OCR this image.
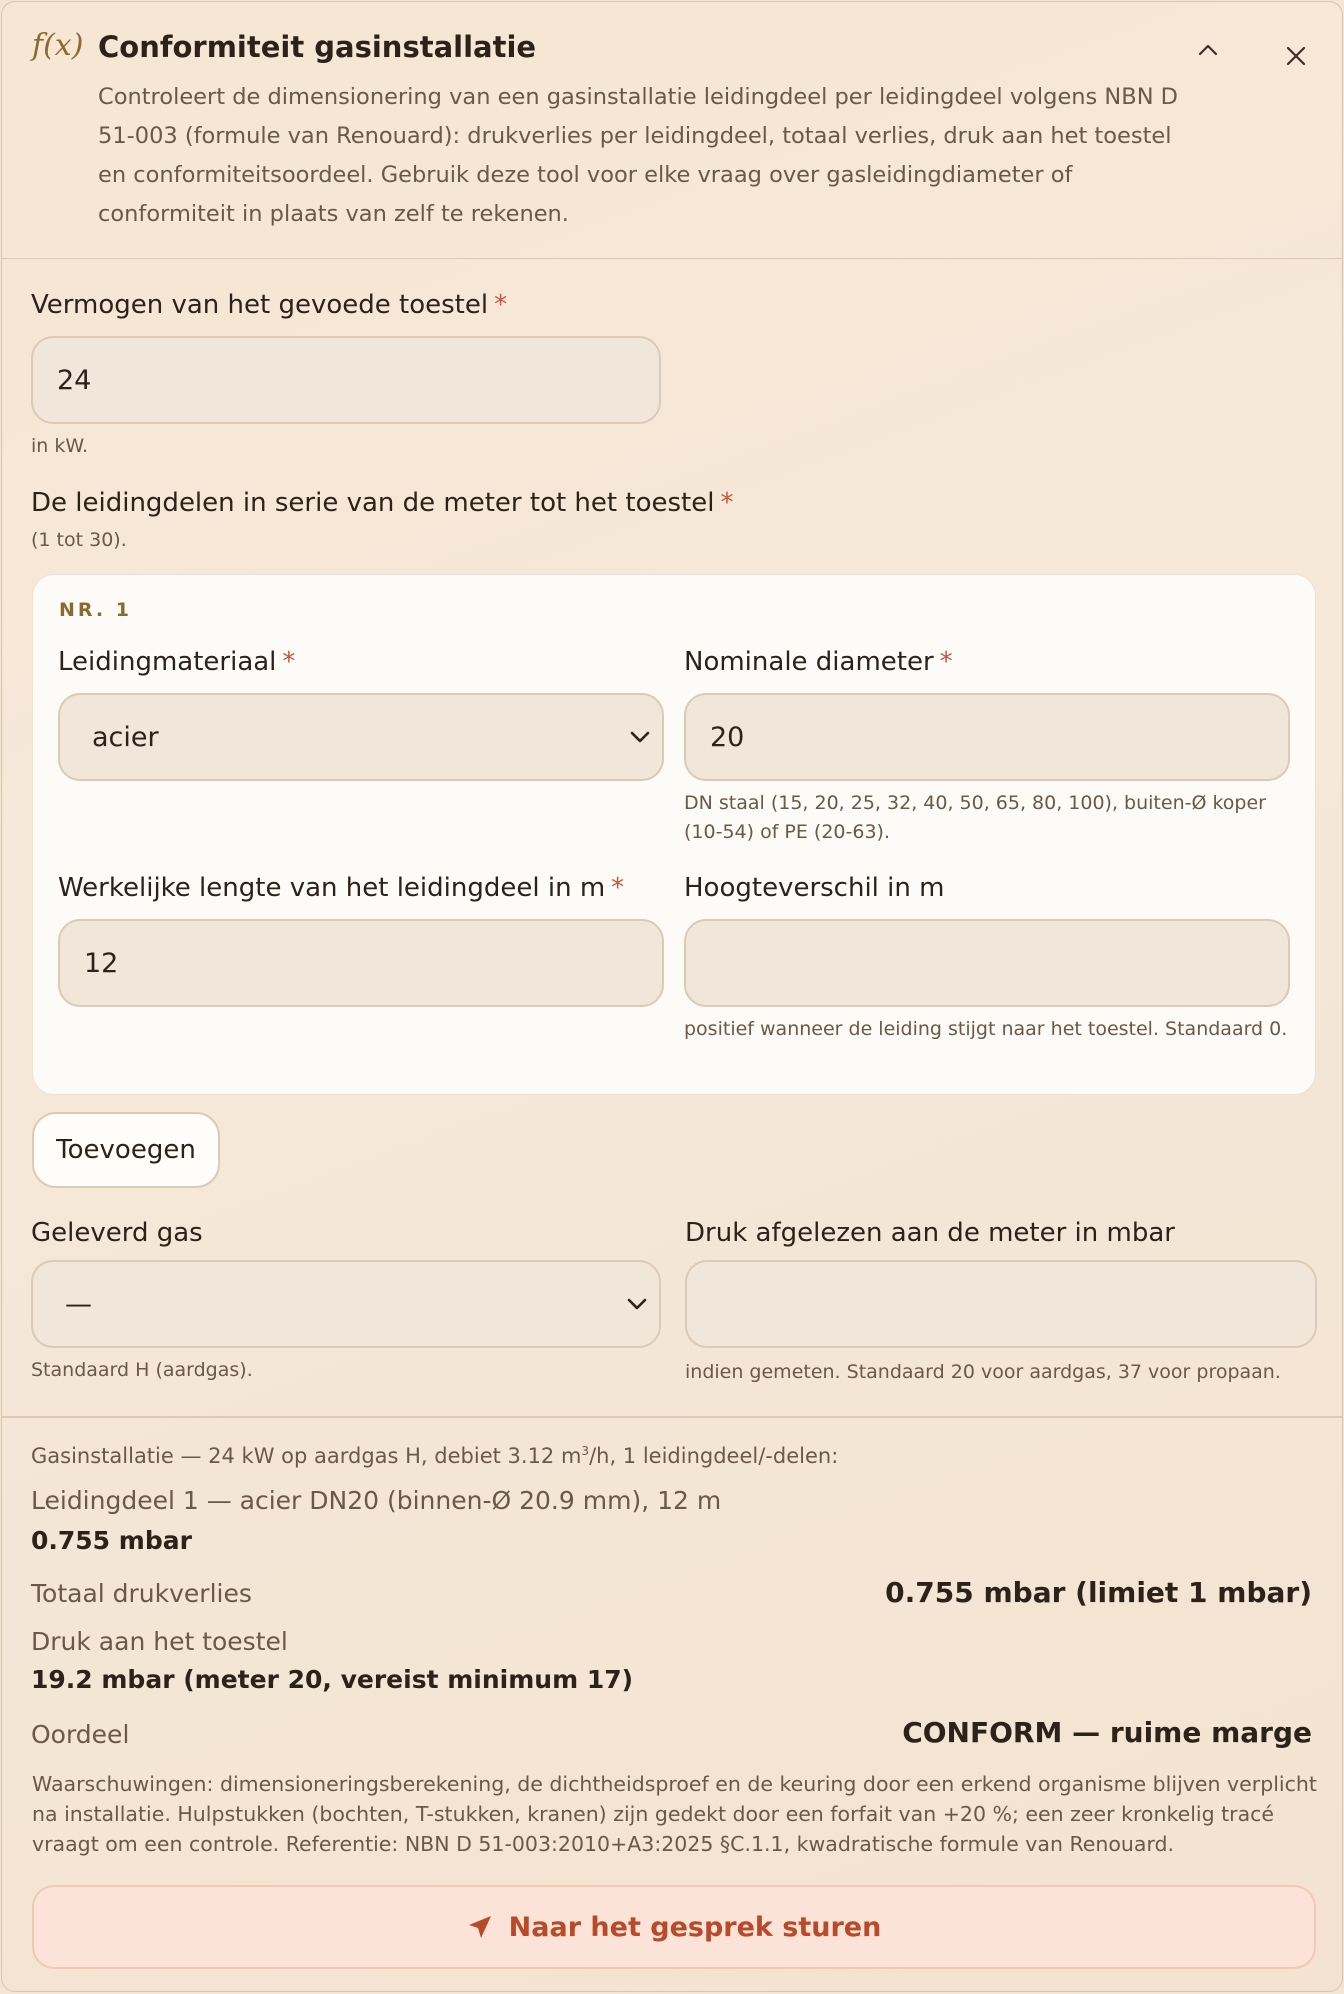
f(x) Conformiteit gasinstallatie
Controleert de dimensionering van een gasinstallatie leidingdeel per leidingdeel volgens NBN D 51-003 (formule van Renouard): drukverlies per leidingdeel, totaal verlies, druk aan het toestel en conformiteitsoordeel. Gebruik deze tool voor elke vraag over gasleidingdiameter of conformiteit in plaats van zelf te rekenen.
Vermogen van het gevoede toestel *
24
in kW.
De leidingdelen in serie van de meter tot het toestel *
(1 tot 30).
NR. 1
Leidingmateriaal *
acier
Nominale diameter *
20
DN staal (15, 20, 25, 32, 40, 50, 65, 80, 100), buiten-Ø koper (10-54) of PE (20-63).
Werkelijke lengte van het leidingdeel in m *
12
Hoogteverschil in m
positief wanneer de leiding stijgt naar het toestel. Standaard 0.
Toevoegen
Geleverd gas
—
Standaard H (aardgas).
Druk afgelezen aan de meter in mbar
indien gemeten. Standaard 20 voor aardgas, 37 voor propaan.
Gasinstallatie — 24 kW op aardgas H, debiet 3.12 $m^3/h$, 1 leidingdeel/-delen:
Leidingdeel 1 — acier DN20 (binnen-Ø 20.9 mm), 12 m
0.755 mbar
Totaal drukverlies	0.755 mbar (limiet 1 mbar)
Druk aan het toestel
19.2 mbar (meter 20, vereist minimum 17)
Oordeel	CONFORM — ruime marge
Waarschuwingen: dimensioneringsberekening, de dichtheidsproef en de keuring door een erkend organisme blijven verplicht na installatie. Hulpstukken (bochten, T-stukken, kranen) zijn gedekt door een forfait van +20 %; een zeer kronkelig tracé vraagt om een controle. Referentie: NBN D 51-003:2010+A3:2025 §C.1.1, kwadratische formule van Renouard.
Naar het gesprek sturen
